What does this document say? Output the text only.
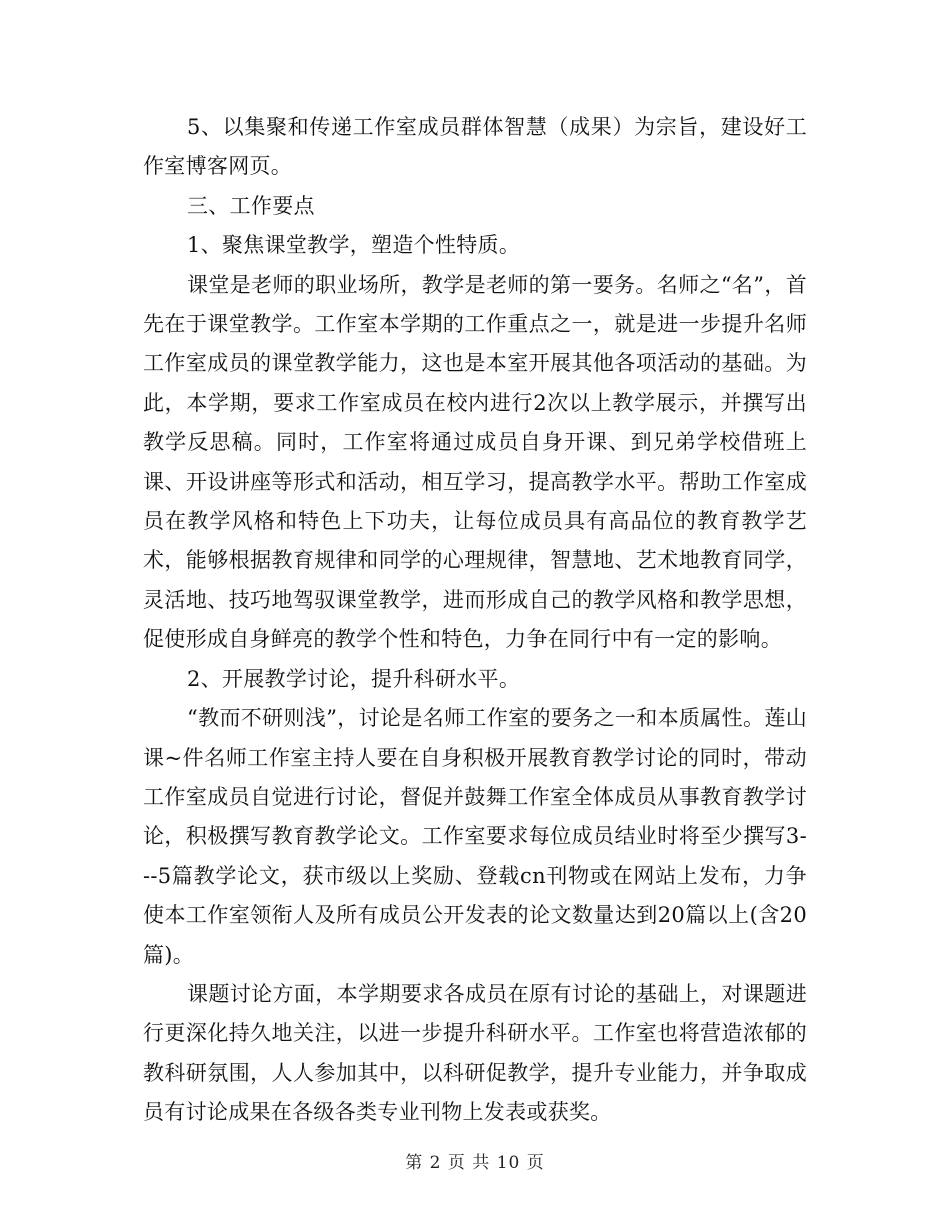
5、以集聚和传递工作室成员群体智慧（成果）为宗旨，建设好工作室博客网页。

三、工作要点

1、聚焦课堂教学，塑造个性特质。

课堂是老师的职业场所，教学是老师的第一要务。名师之“名”，首先在于课堂教学。工作室本学期的工作重点之一，就是进一步提升名师工作室成员的课堂教学能力，这也是本室开展其他各项活动的基础。为此，本学期，要求工作室成员在校内进行2次以上教学展示，并撰写出教学反思稿。同时，工作室将通过成员自身开课、到兄弟学校借班上课、开设讲座等形式和活动，相互学习，提高教学水平。帮助工作室成员在教学风格和特色上下功夫，让每位成员具有高品位的教育教学艺术，能够根据教育规律和同学的心理规律，智慧地、艺术地教育同学，灵活地、技巧地驾驭课堂教学，进而形成自己的教学风格和教学思想，促使形成自身鲜亮的教学个性和特色，力争在同行中有一定的影响。

2、开展教学讨论，提升科研水平。

“教而不研则浅”，讨论是名师工作室的要务之一和本质属性。莲山课~件名师工作室主持人要在自身积极开展教育教学讨论的同时，带动工作室成员自觉进行讨论，督促并鼓舞工作室全体成员从事教育教学讨论，积极撰写教育教学论文。工作室要求每位成员结业时将至少撰写3---5篇教学论文，获市级以上奖励、登载cn刊物或在网站上发布，力争使本工作室领衔人及所有成员公开发表的论文数量达到20篇以上(含20篇)。

课题讨论方面，本学期要求各成员在原有讨论的基础上，对课题进行更深化持久地关注，以进一步提升科研水平。工作室也将营造浓郁的教科研氛围，人人参加其中，以科研促教学，提升专业能力，并争取成员有讨论成果在各级各类专业刊物上发表或获奖。

第 2 页 共 10 页
